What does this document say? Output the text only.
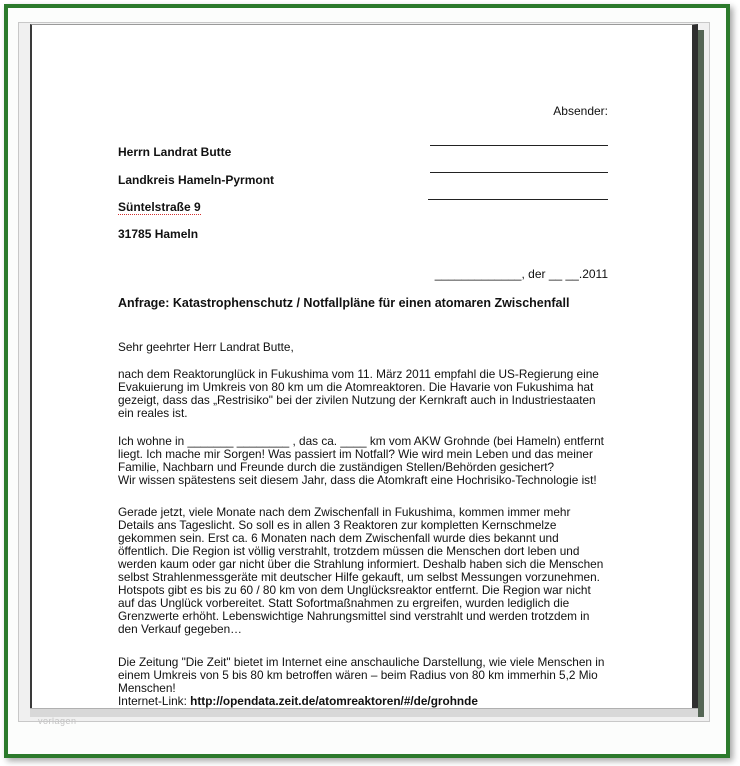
Absender:
Herrn Landrat Butte
Landkreis Hameln-Pyrmont
Süntelstraße 9
31785 Hameln
_____________, der __ __.2011
Anfrage: Katastrophenschutz / Notfallpläne für einen atomaren Zwischenfall
Sehr geehrter Herr Landrat Butte,
nach dem Reaktorunglück in Fukushima vom 11. März 2011 empfahl die US-Regierung eine
Evakuierung im Umkreis von 80 km um die Atomreaktoren. Die Havarie von Fukushima hat
gezeigt, dass das „Restrisiko" bei der zivilen Nutzung der Kernkraft auch in Industriestaaten
ein reales ist.
Ich wohne in _______ ________ , das ca. ____ km vom AKW Grohnde (bei Hameln) entfernt
liegt. Ich mache mir Sorgen! Was passiert im Notfall? Wie wird mein Leben und das meiner
Familie, Nachbarn und Freunde durch die zuständigen Stellen/Behörden gesichert?
Wir wissen spätestens seit diesem Jahr, dass die Atomkraft eine Hochrisiko-Technologie ist!
Gerade jetzt, viele Monate nach dem Zwischenfall in Fukushima, kommen immer mehr
Details ans Tageslicht. So soll es in allen 3 Reaktoren zur kompletten Kernschmelze
gekommen sein. Erst ca. 6 Monaten nach dem Zwischenfall wurde dies bekannt und
öffentlich. Die Region ist völlig verstrahlt, trotzdem müssen die Menschen dort leben und
werden kaum oder gar nicht über die Strahlung informiert. Deshalb haben sich die Menschen
selbst Strahlenmessgeräte mit deutscher Hilfe gekauft, um selbst Messungen vorzunehmen.
Hotspots gibt es bis zu 60 / 80 km von dem Unglücksreaktor entfernt. Die Region war nicht
auf das Unglück vorbereitet. Statt Sofortmaßnahmen zu ergreifen, wurden lediglich die
Grenzwerte erhöht. Lebenswichtige Nahrungsmittel sind verstrahlt und werden trotzdem in
den Verkauf gegeben…
Die Zeitung "Die Zeit" bietet im Internet eine anschauliche Darstellung, wie viele Menschen in
einem Umkreis von 5 bis 80 km betroffen wären – beim Radius von 80 km immerhin 5,2 Mio
Menschen!
Internet-Link: http://opendata.zeit.de/atomreaktoren/#/de/grohnde
vorlagen
